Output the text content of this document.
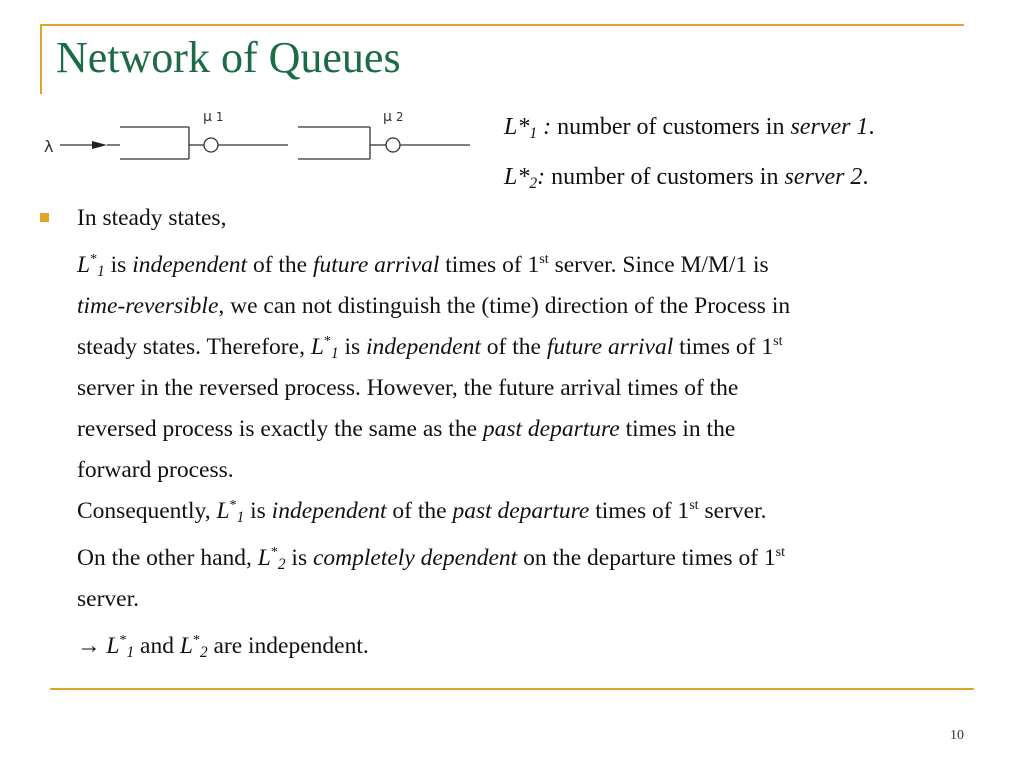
Network of Queues
λ
μ 1	μ 2	$L*_1$ : number of customers in server 1.
$L*_2$: number of customers in server 2.

In steady states,

$L^*_1$ is independent of the future arrival times of 1st server. Since M/M/1 is
time-reversible, we can not distinguish the (time) direction of the Process in
steady states. Therefore, $L^*_1$ is independent of the future arrival times of 1st
server in the reversed process. However, the future arrival times of the
reversed process is exactly the same as the past departure times in the
forward process.

Consequently, $L^*_1$ is independent of the past departure times of 1st server.

On the other hand, $L^*_2$ is completely dependent on the departure times of 1st
server.

→ $L^*_1$ and $L^*_2$ are independent.

10
